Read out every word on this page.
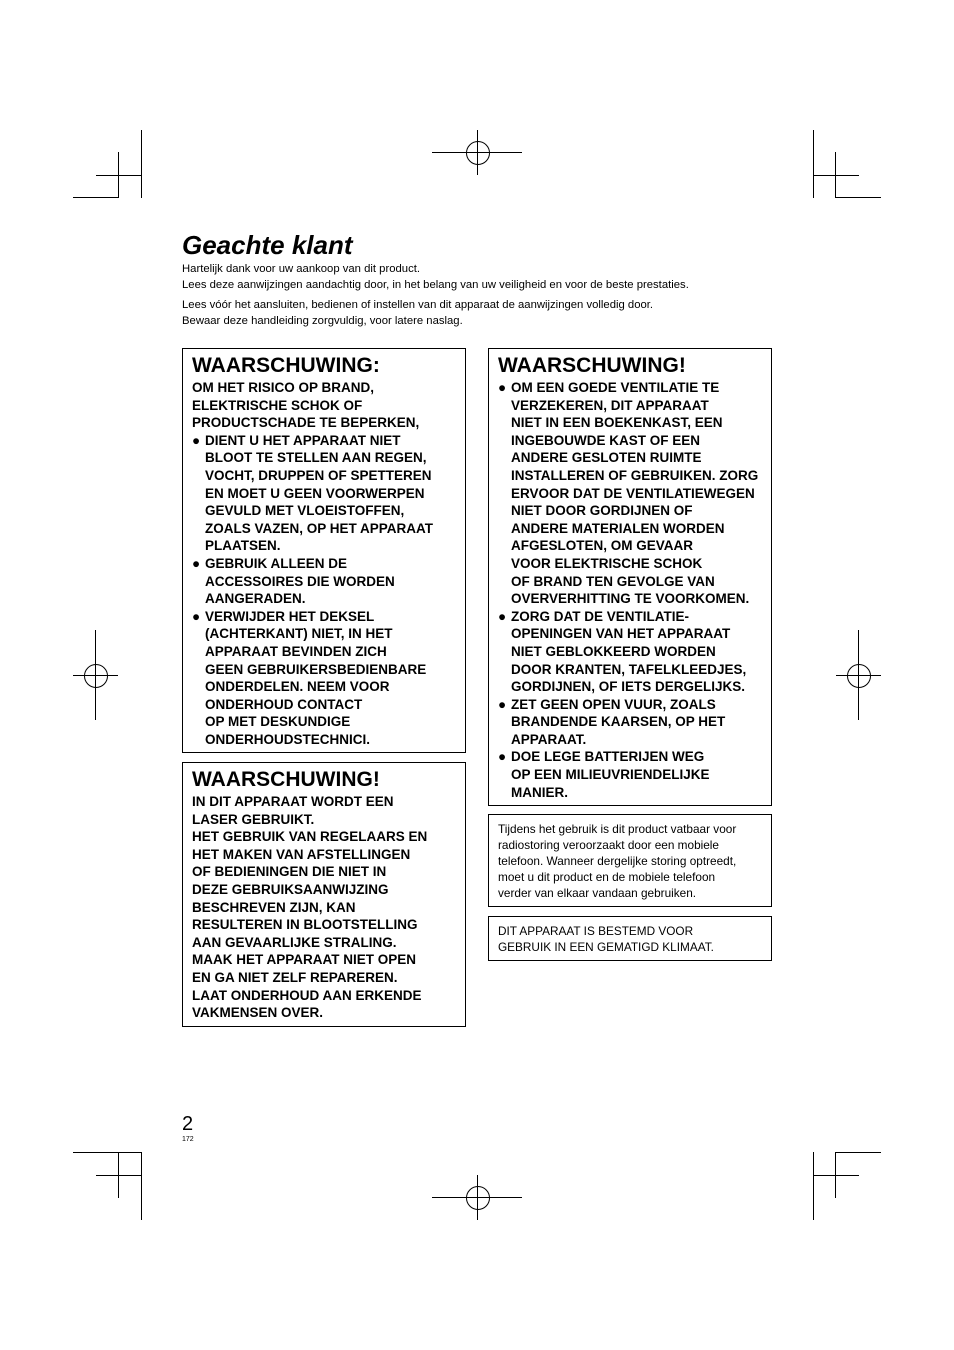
Geachte klant
Hartelijk dank voor uw aankoop van dit product.
Lees deze aanwijzingen aandachtig door, in het belang van uw veiligheid en voor de beste prestaties.
Lees vóór het aansluiten, bedienen of instellen van dit apparaat de aanwijzingen volledig door.
Bewaar deze handleiding zorgvuldig, voor latere naslag.
WAARSCHUWING:
OM HET RISICO OP BRAND,
ELEKTRISCHE SCHOK OF
PRODUCTSCHADE TE BEPERKEN,
● DIENT U HET APPARAAT NIET
BLOOT TE STELLEN AAN REGEN,
VOCHT, DRUPPEN OF SPETTEREN
EN MOET U GEEN VOORWERPEN
GEVULD MET VLOEISTOFFEN,
ZOALS VAZEN, OP HET APPARAAT
PLAATSEN.
● GEBRUIK ALLEEN DE
ACCESSOIRES DIE WORDEN
AANGERADEN.
● VERWIJDER HET DEKSEL
(ACHTERKANT) NIET, IN HET
APPARAAT BEVINDEN ZICH
GEEN GEBRUIKERSBEDIENBARE
ONDERDELEN. NEEM VOOR
ONDERHOUD CONTACT
OP MET DESKUNDIGE
ONDERHOUDSTECHNICI.
WAARSCHUWING!
IN DIT APPARAAT WORDT EEN
LASER GEBRUIKT.
HET GEBRUIK VAN REGELAARS EN
HET MAKEN VAN AFSTELLINGEN
OF BEDIENINGEN DIE NIET IN
DEZE GEBRUIKSAANWIJZING
BESCHREVEN ZIJN, KAN
RESULTEREN IN BLOOTSTELLING
AAN GEVAARLIJKE STRALING.
MAAK HET APPARAAT NIET OPEN
EN GA NIET ZELF REPAREREN.
LAAT ONDERHOUD AAN ERKENDE
VAKMENSEN OVER.
WAARSCHUWING!
● OM EEN GOEDE VENTILATIE TE
VERZEKEREN, DIT APPARAAT
NIET IN EEN BOEKENKAST, EEN
INGEBOUWDE KAST OF EEN
ANDERE GESLOTEN RUIMTE
INSTALLEREN OF GEBRUIKEN. ZORG
ERVOOR DAT DE VENTILATIEWEGEN
NIET DOOR GORDIJNEN OF
ANDERE MATERIALEN WORDEN
AFGESLOTEN, OM GEVAAR
VOOR ELEKTRISCHE SCHOK
OF BRAND TEN GEVOLGE VAN
OVERVERHITTING TE VOORKOMEN.
● ZORG DAT DE VENTILATIE-
OPENINGEN VAN HET APPARAAT
NIET GEBLOKKEERD WORDEN
DOOR KRANTEN, TAFELKLEEDJES,
GORDIJNEN, OF IETS DERGELIJKS.
● ZET GEEN OPEN VUUR, ZOALS
BRANDENDE KAARSEN, OP HET
APPARAAT.
● DOE LEGE BATTERIJEN WEG
OP EEN MILIEUVRIENDELIJKE
MANIER.
Tijdens het gebruik is dit product vatbaar voor
radiostoring veroorzaakt door een mobiele
telefoon. Wanneer dergelijke storing optreedt,
moet u dit product en de mobiele telefoon
verder van elkaar vandaan gebruiken.
DIT APPARAAT IS BESTEMD VOOR
GEBRUIK IN EEN GEMATIGD KLIMAAT.
2
172
